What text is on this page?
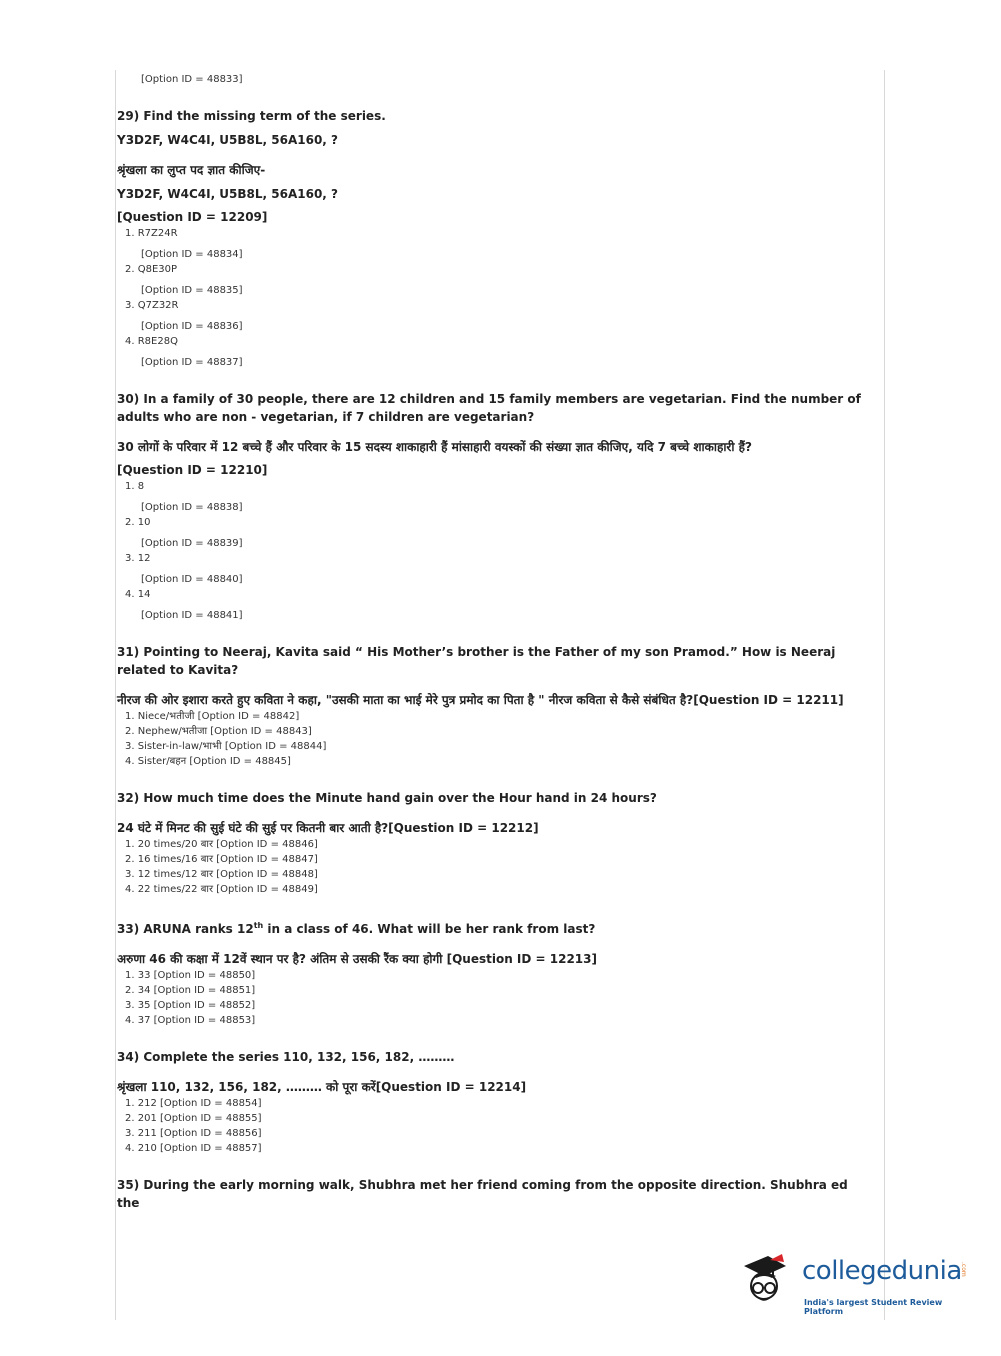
[Option ID = 48833]

29) Find the missing term of the series.

Y3D2F, W4C4I, U5B8L, 56A160, ?
श्रृंखला का लुप्त पद ज्ञात कीजिए-
Y3D2F, W4C4I, U5B8L, 56A160, ?
[Question ID = 12209]
1. R7Z24R
[Option ID = 48834]
2. Q8E30P
[Option ID = 48835]
3. Q7Z32R
[Option ID = 48836]
4. R8E28Q
[Option ID = 48837]

30) In a family of 30 people, there are 12 children and 15 family members are vegetarian. Find the number of adults who are non - vegetarian, if 7 children are vegetarian?

30 लोगों के परिवार में 12 बच्चे हैं और परिवार के 15 सदस्य शाकाहारी हैं मांसाहारी वयस्कों की संख्या ज्ञात कीजिए, यदि 7 बच्चे शाकाहारी हैं?
[Question ID = 12210]
1. 8
[Option ID = 48838]
2. 10
[Option ID = 48839]
3. 12
[Option ID = 48840]
4. 14
[Option ID = 48841]

31) Pointing to Neeraj, Kavita said “ His Mother’s brother is the Father of my son Pramod.” How is Neeraj related to Kavita?

नीरज की ओर इशारा करते हुए कविता ने कहा, "उसकी माता का भाई मेरे पुत्र प्रमोद का पिता है " नीरज कविता से कैसे संबंधित है?[Question ID = 12211]
1. Niece/भतीजी [Option ID = 48842]
2. Nephew/भतीजा [Option ID = 48843]
3. Sister-in-law/भाभी [Option ID = 48844]
4. Sister/बहन [Option ID = 48845]

32) How much time does the Minute hand gain over the Hour hand in 24 hours?

24 घंटे में मिनट की सुई घंटे की सुई पर कितनी बार आती है?[Question ID = 12212]
1. 20 times/20 बार [Option ID = 48846]
2. 16 times/16 बार [Option ID = 48847]
3. 12 times/12 बार [Option ID = 48848]
4. 22 times/22 बार [Option ID = 48849]

33) ARUNA ranks 12th in a class of 46. What will be her rank from last?

अरुणा 46 की कक्षा में 12वें स्थान पर है? अंतिम से उसकी रैंक क्या होगी [Question ID = 12213]
1. 33 [Option ID = 48850]
2. 34 [Option ID = 48851]
3. 35 [Option ID = 48852]
4. 37 [Option ID = 48853]

34) Complete the series 110, 132, 156, 182, ………

श्रृंखला 110, 132, 156, 182, ……… को पूरा करें[Question ID = 12214]
1. 212 [Option ID = 48854]
2. 201 [Option ID = 48855]
3. 211 [Option ID = 48856]
4. 210 [Option ID = 48857]

35) During the early morning walk, Shubhra met her friend coming from the opposite direction. Shubhra ed the

collegedunia
.com
India's largest Student Review Platform
